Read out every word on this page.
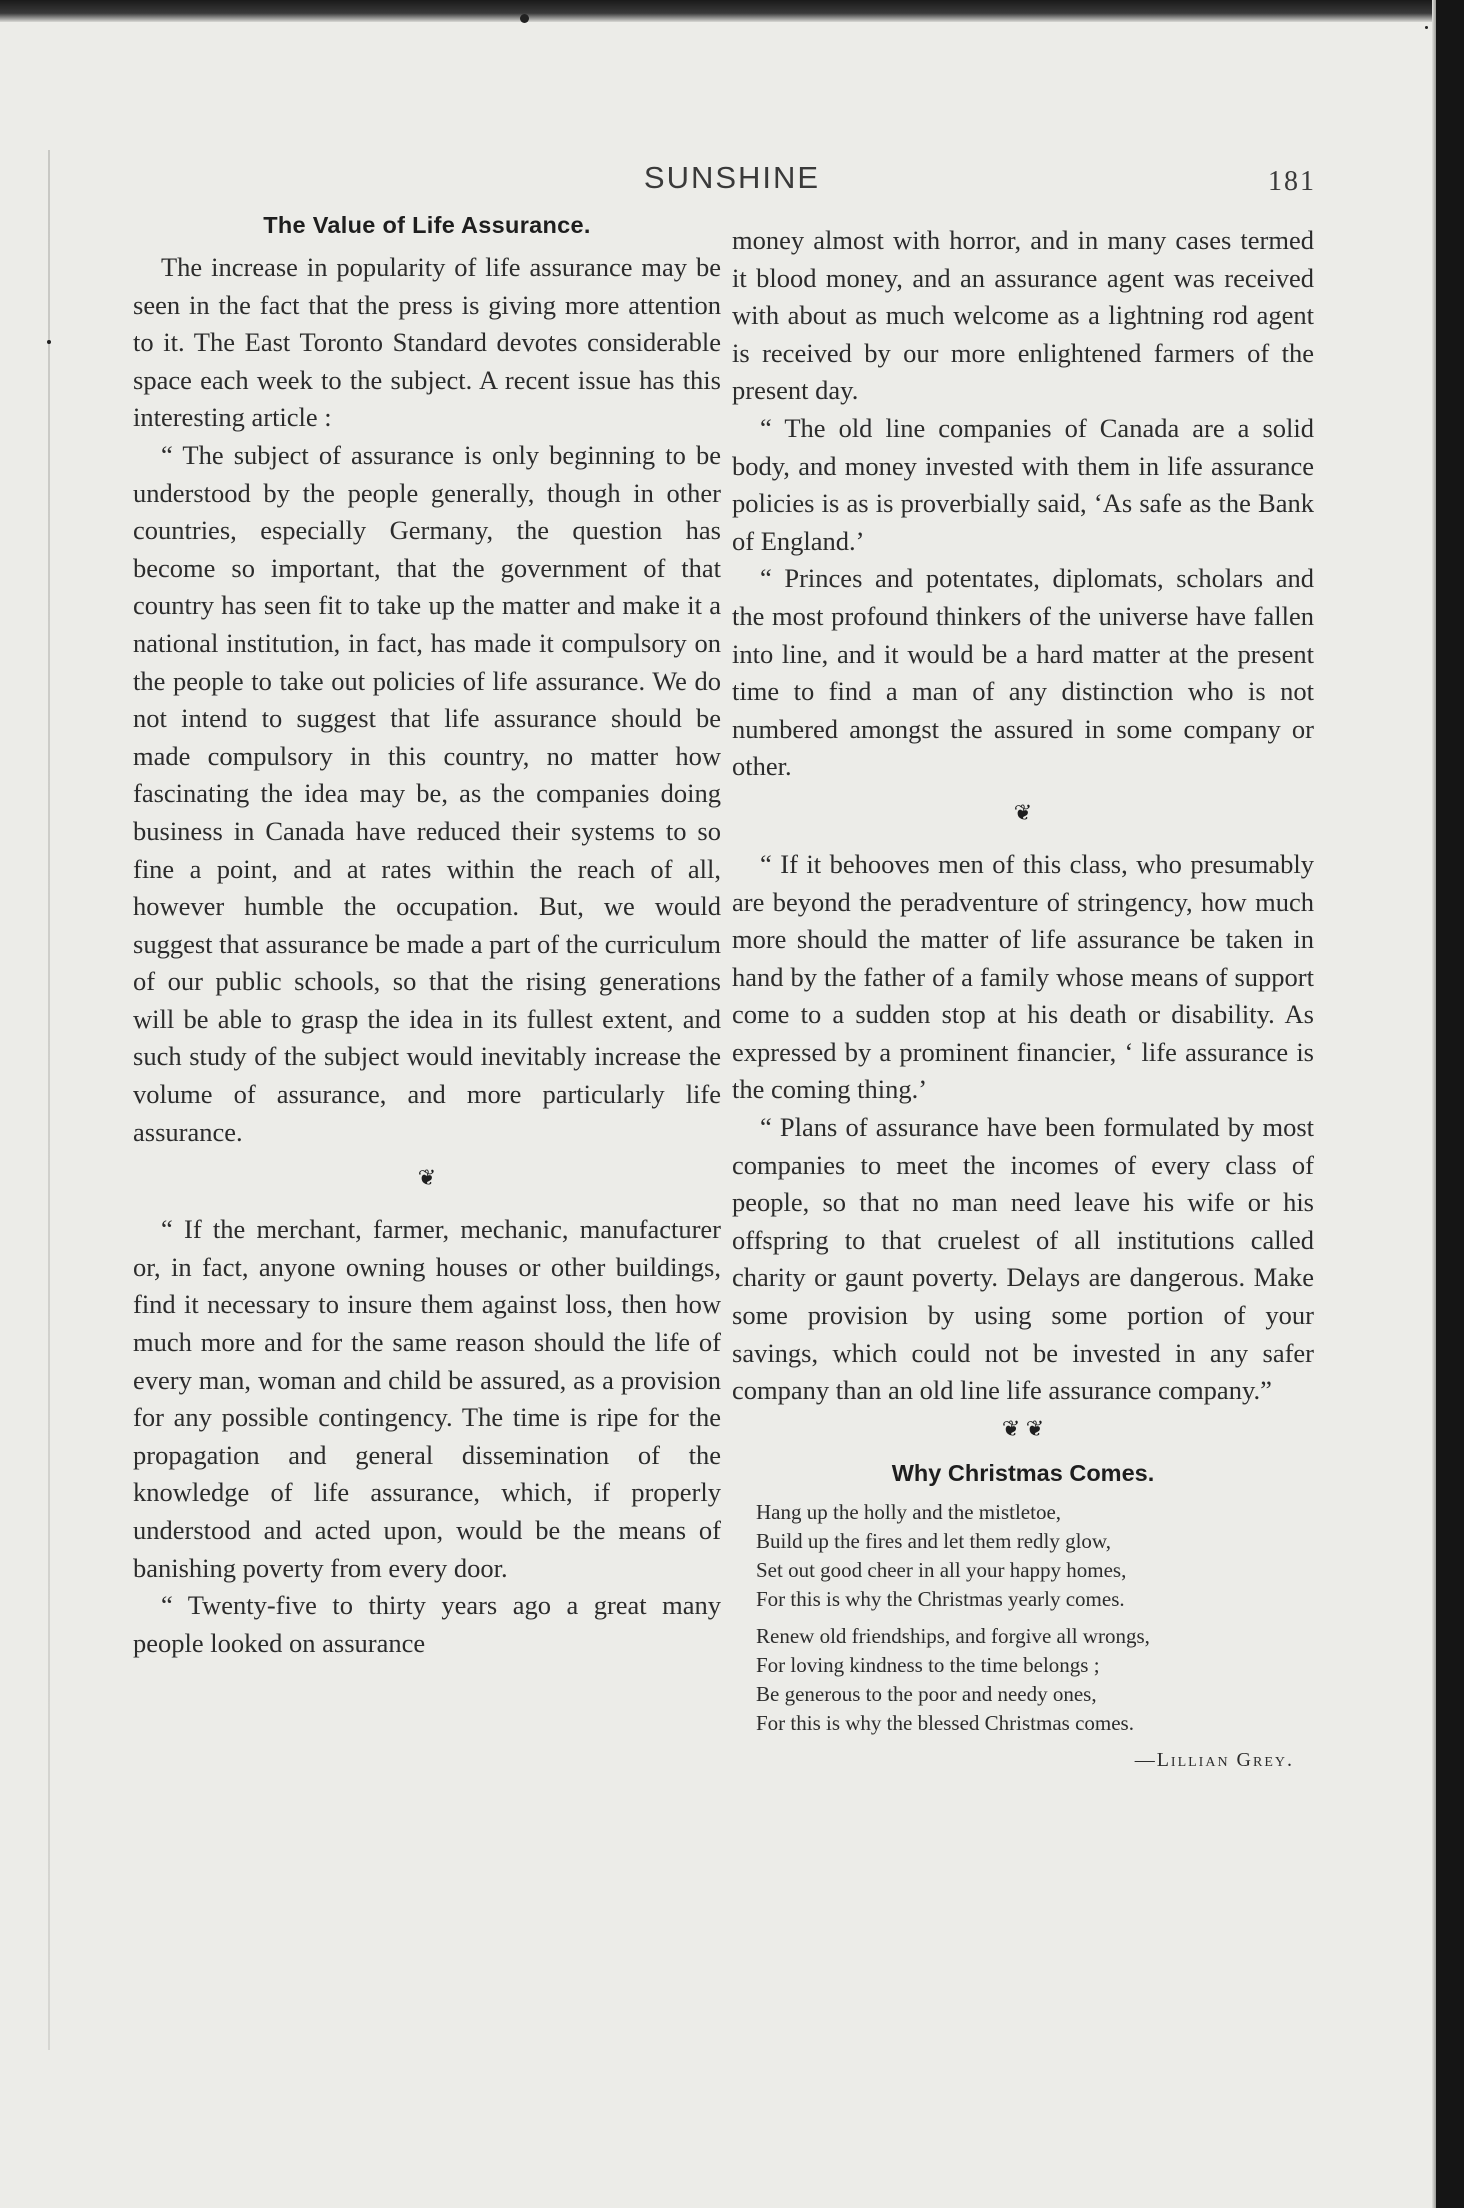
SUNSHINE	181
The Value of Life Assurance.

The increase in popularity of life assurance may be seen in the fact that the press is giving more attention to it. The East Toronto Standard devotes considerable space each week to the subject. A recent issue has this interesting article :

“ The subject of assurance is only beginning to be understood by the people generally, though in other countries, especially Germany, the question has become so important, that the government of that country has seen fit to take up the matter and make it a national institution, in fact, has made it compulsory on the people to take out policies of life assurance. We do not intend to suggest that life assurance should be made compulsory in this country, no matter how fascinating the idea may be, as the companies doing business in Canada have reduced their systems to so fine a point, and at rates within the reach of all, however humble the occupation. But, we would suggest that assurance be made a part of the curriculum of our public schools, so that the rising generations will be able to grasp the idea in its fullest extent, and such study of the subject would inevitably increase the volume of assurance, and more particularly life assurance.

❦

“ If the merchant, farmer, mechanic, manufacturer or, in fact, anyone owning houses or other buildings, find it necessary to insure them against loss, then how much more and for the same reason should the life of every man, woman and child be assured, as a provision for any possible contingency. The time is ripe for the propagation and general dissemination of the knowledge of life assurance, which, if properly understood and acted upon, would be the means of banishing poverty from every door.

“ Twenty-five to thirty years ago a great many people looked on assurance

money almost with horror, and in many cases termed it blood money, and an assurance agent was received with about as much welcome as a lightning rod agent is received by our more enlightened farmers of the present day.

“ The old line companies of Canada are a solid body, and money invested with them in life assurance policies is as is proverbially said, ‘As safe as the Bank of England.’

“ Princes and potentates, diplomats, scholars and the most profound thinkers of the universe have fallen into line, and it would be a hard matter at the present time to find a man of any distinction who is not numbered amongst the assured in some company or other.

❦

“ If it behooves men of this class, who presumably are beyond the peradventure of stringency, how much more should the matter of life assurance be taken in hand by the father of a family whose means of support come to a sudden stop at his death or disability. As expressed by a prominent financier, ‘ life assurance is the coming thing.’

“ Plans of assurance have been formulated by most companies to meet the incomes of every class of people, so that no man need leave his wife or his offspring to that cruelest of all institutions called charity or gaunt poverty. Delays are dangerous. Make some provision by using some portion of your savings, which could not be invested in any safer company than an old line life assurance company.”

❦ ❦
Why Christmas Comes.
Hang up the holly and the mistletoe,
Build up the fires and let them redly glow,
Set out good cheer in all your happy homes,
For this is why the Christmas yearly comes.
Renew old friendships, and forgive all wrongs,
For loving kindness to the time belongs ;
Be generous to the poor and needy ones,
For this is why the blessed Christmas comes.
—Lillian Grey.
